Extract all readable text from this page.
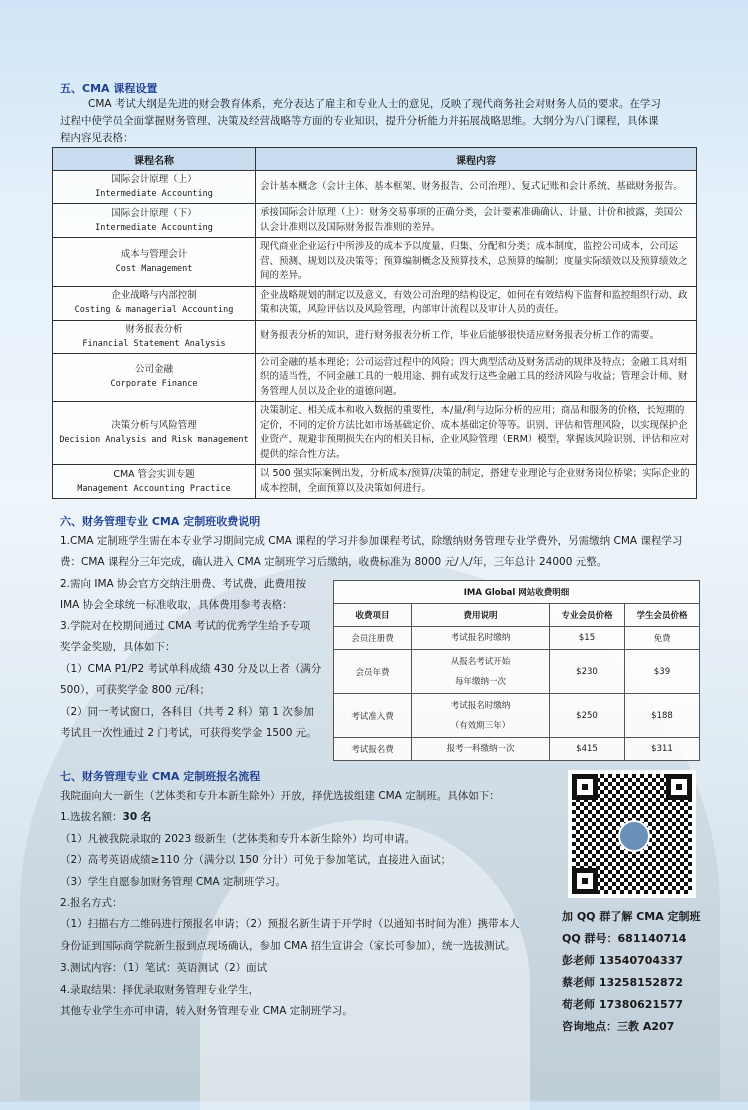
五、CMA 课程设置
CMA 考试大纲是先进的财会教育体系，充分表达了雇主和专业人士的意见，反映了现代商务社会对财务人员的要求。在学习
过程中使学员全面掌握财务管理、决策及经营战略等方面的专业知识，提升分析能力并拓展战略思维。大纲分为八门课程，具体课
程内容见表格：
课程名称	课程内容
国际会计原理（上）
Intermediate Accounting	会计基本概念（会计主体、基本框架、财务报告、公司治理）、复式记账和会计系统、基础财务报告。
国际会计原理（下）
Intermediate Accounting	承接国际会计原理（上）：财务交易事项的正确分类，会计要素准确确认、计量、计价和披露，美国公认会计准则以及国际财务报告准则的差异。
成本与管理会计
Cost Management	现代商业企业运行中所涉及的成本予以度量、归集、分配和分类；成本制度，监控公司成本，公司运营、预测、规划以及决策等；预算编制概念及预算技术，总预算的编制；度量实际绩效以及预算绩效之间的差异。
企业战略与内部控制
Costing & managerial Accounting	企业战略规划的制定以及意义，有效公司治理的结构设定，如何在有效结构下监督和监控组织行动、政策和决策，风险评估以及风险管理，内部审计流程以及审计人员的责任。
财务报表分析
Financial Statement Analysis	财务报表分析的知识，进行财务报表分析工作，毕业后能够很快适应财务报表分析工作的需要。
公司金融
Corporate Finance	公司金融的基本理论；公司运营过程中的风险；四大典型活动及财务活动的规律及特点；金融工具对组织的适当性，不同金融工具的一般用途、拥有或发行这些金融工具的经济风险与收益；管理会计师、财务管理人员以及企业的道德问题。
决策分析与风险管理
Decision Analysis and Risk management	决策制定、相关成本和收入数据的重要性，本/量/利与边际分析的应用；商品和服务的价格，长短期的定价，不同的定价方法比如市场基础定价、成本基础定价等等。识别、评估和管理风险，以实现保护企业资产、规避非预期损失在内的相关目标，企业风险管理（ERM）模型，掌握该风险识别、评估和应对提供的综合性方法。
CMA 管会实训专题
Management Accounting Practice	以 500 强实际案例出发，分析成本/预算/决策的制定，搭建专业理论与企业财务岗位桥梁；实际企业的成本控制，全面预算以及决策如何进行。
六、财务管理专业 CMA 定制班收费说明
1.CMA 定制班学生需在本专业学习期间完成 CMA 课程的学习并参加课程考试，除缴纳财务管理专业学费外，另需缴纳 CMA 课程学习
费：CMA 课程分三年完成，确认进入 CMA 定制班学习后缴纳，收费标准为 8000 元/人/年，三年总计 24000 元整。
2.需向 IMA 协会官方交纳注册费、考试费，此费用按
IMA 协会全球统一标准收取，具体费用参考表格：
3.学院对在校期间通过 CMA 考试的优秀学生给予专项
奖学金奖励，具体如下：
（1）CMA P1/P2 考试单科成绩 430 分及以上者（满分
500），可获奖学金 800 元/科；
（2）同一考试窗口，各科目（共考 2 科）第 1 次参加
考试且一次性通过 2 门考试，可获得奖学金 1500 元。
IMA Global 网站收费明细			
收费项目	费用说明	专业会员价格	学生会员价格
会员注册费	考试报名时缴纳	$15	免费
会员年费	从报名考试开始
每年缴纳一次	$230	$39
考试准入费	考试报名时缴纳
（有效期三年）	$250	$188
考试报名费	报考一科缴纳一次	$415	$311
七、财务管理专业 CMA 定制班报名流程
我院面向大一新生（艺体类和专升本新生除外）开放，择优选拔组建 CMA 定制班。具体如下：
1.选拔名额：30 名
（1）凡被我院录取的 2023 级新生（艺体类和专升本新生除外）均可申请。
（2）高考英语成绩≥110 分（满分以 150 分计）可免于参加笔试，直接进入面试；
（3）学生自愿参加财务管理 CMA 定制班学习。
2.报名方式：
（1）扫描右方二维码进行预报名申请；（2）预报名新生请于开学时（以通知书时间为准）携带本人
身份证到国际商学院新生报到点现场确认，参加 CMA 招生宣讲会（家长可参加），统一选拔测试。
3.测试内容：（1）笔试：英语测试（2）面试
4.录取结果：择优录取财务管理专业学生，
其他专业学生亦可申请，转入财务管理专业 CMA 定制班学习。
加 QQ 群了解 CMA 定制班
QQ 群号：681140714
彭老师 13540704337
蔡老师 13258152872
荀老师 17380621577
咨询地点：三教 A207
